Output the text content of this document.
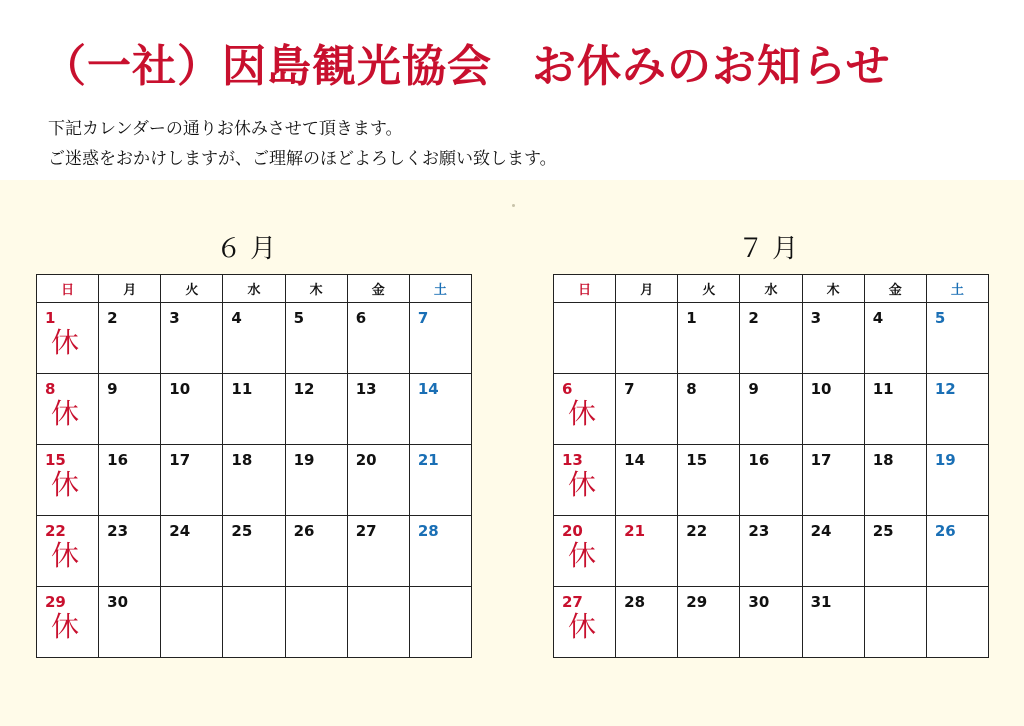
（一社）因島観光協会 お休みのお知らせ
下記カレンダーの通りお休みさせて頂きます。
ご迷惑をおかけしますが、ご理解のほどよろしくお願い致します。
６ 月	７ 月
日	月	火	水	木	金	土

1
休	2	3	4	5	6	7

8
休	9	10	11	12	13	14

15
休	16	17	18	19	20	21

22
休	23	24	25	26	27	28

29
休	30					

日	月	火	水	木	金	土

		1	2	3	4	5

6
休	7	8	9	10	11	12

13
休	14	15	16	17	18	19

20
休	21	22	23	24	25	26

27
休	28	29	30	31		
